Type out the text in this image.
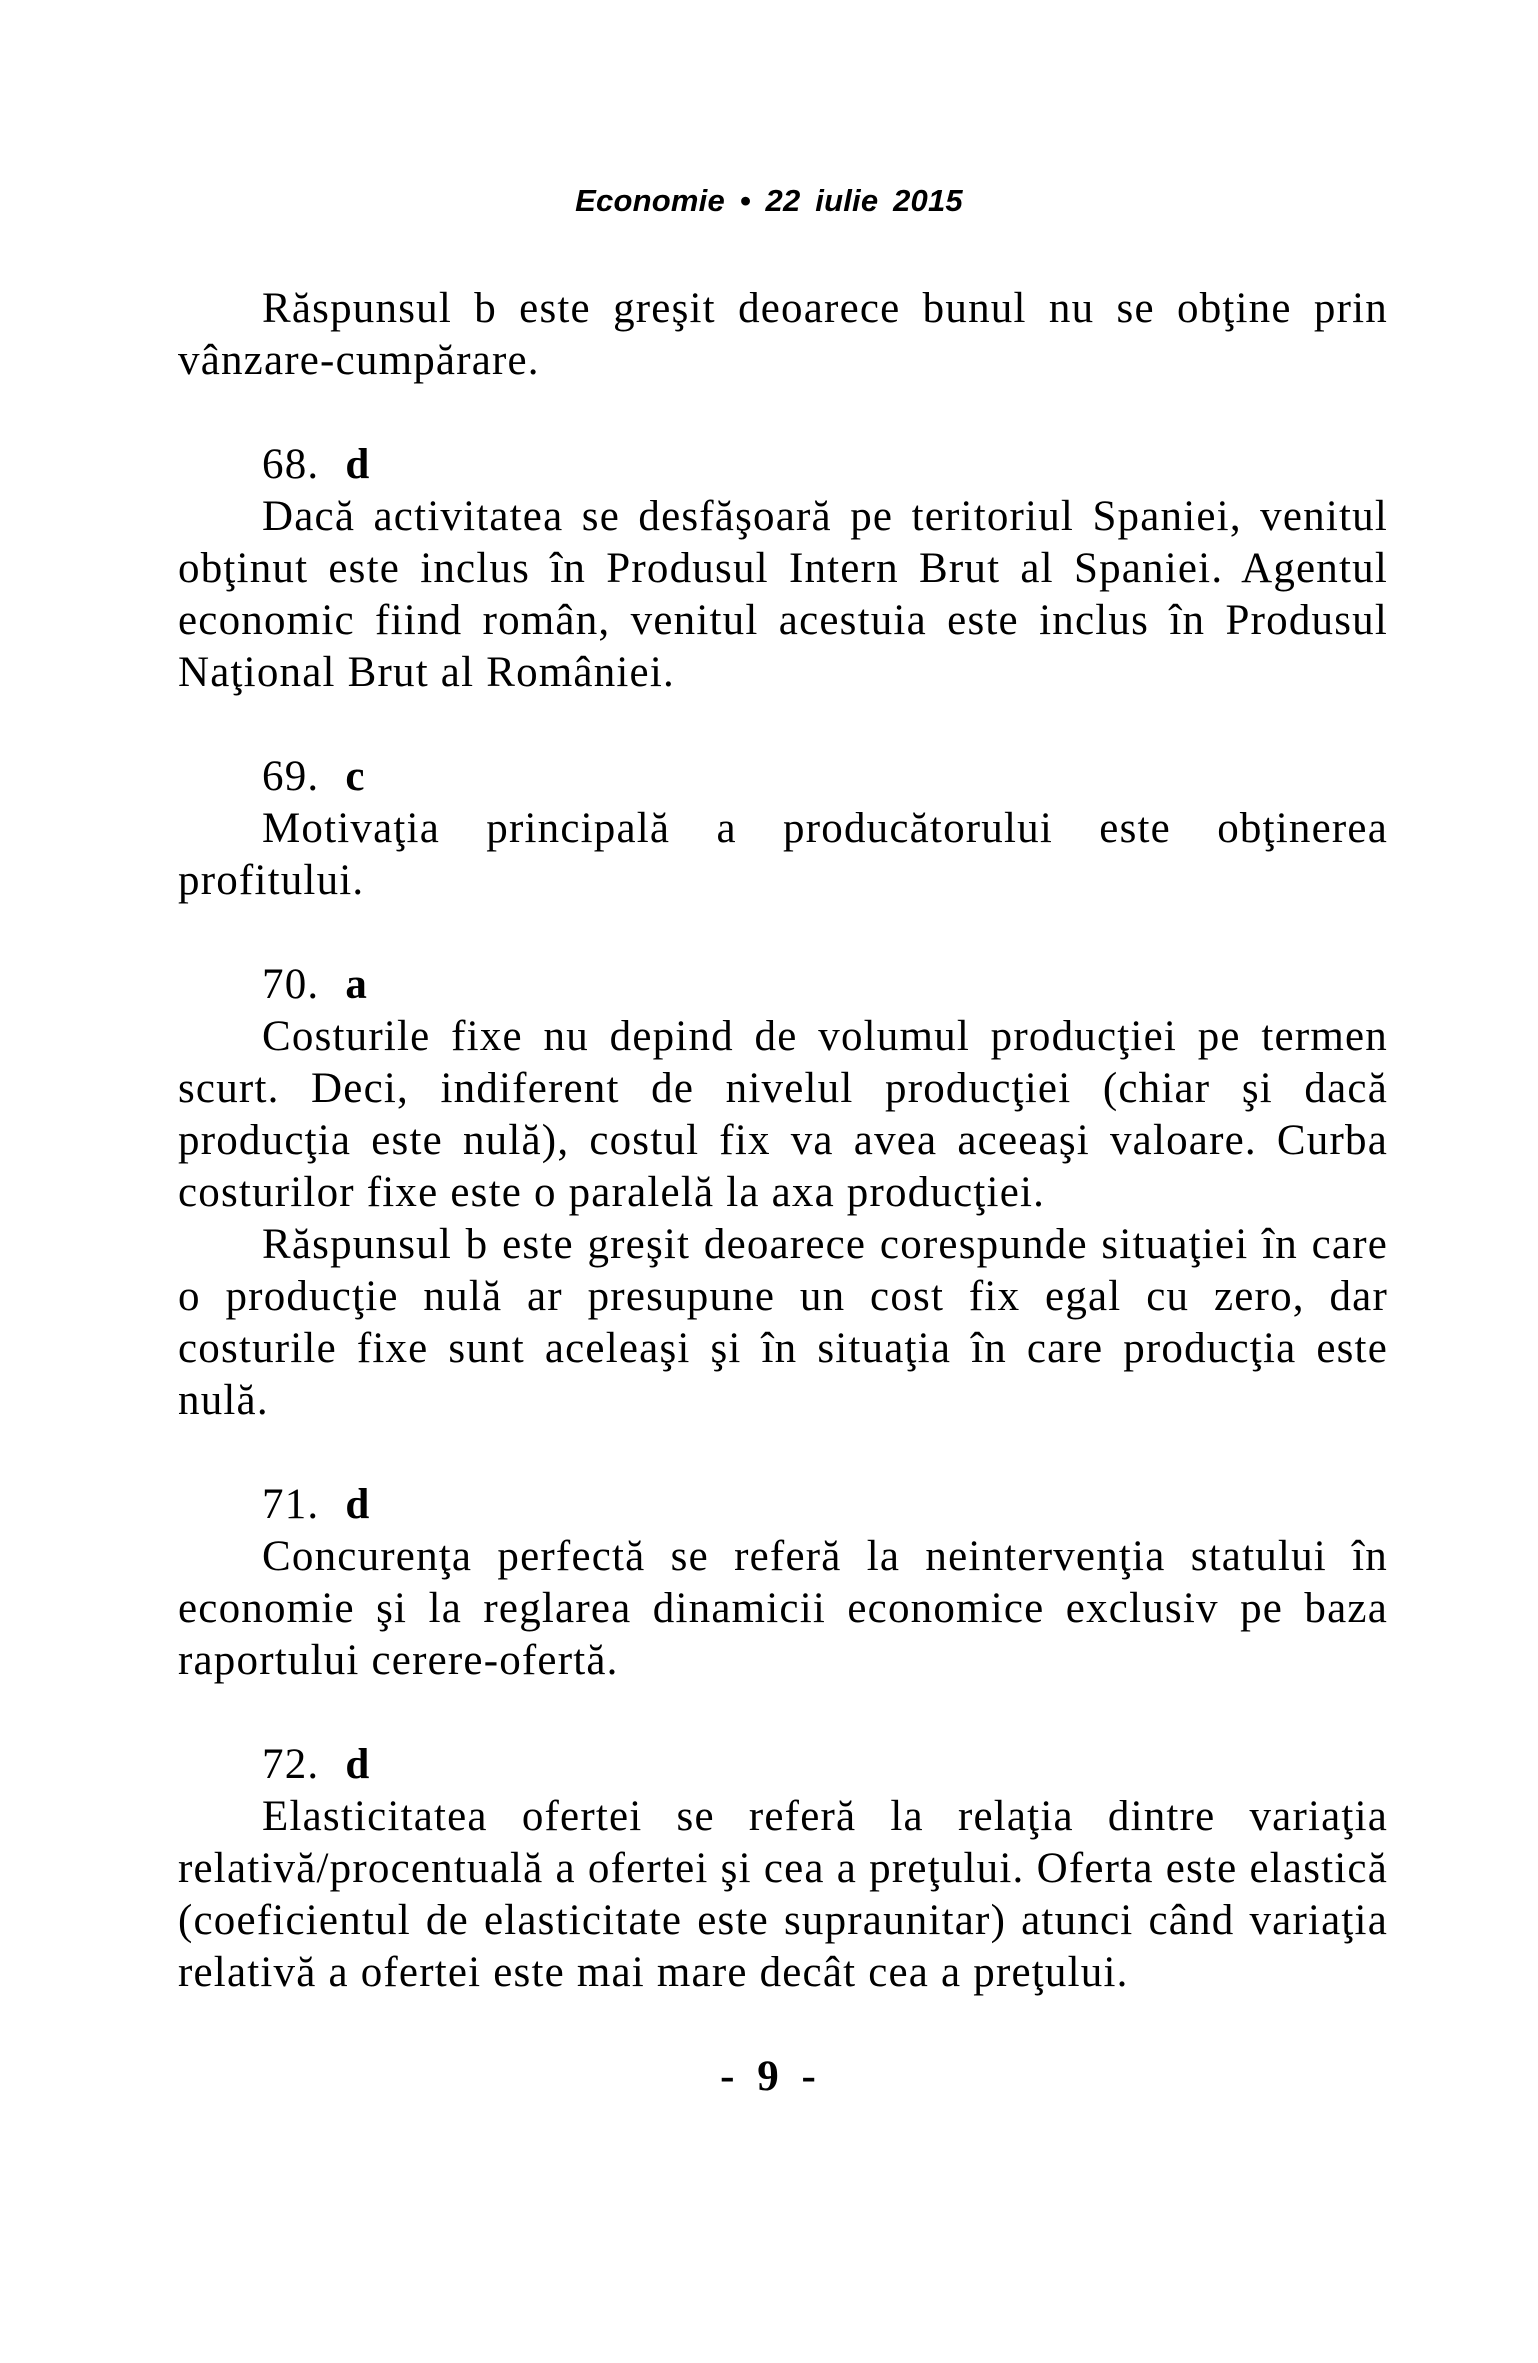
Economie • 22 iulie 2015

Răspunsul b este greşit deoarece bunul nu se obţine prin vânzare-cumpărare.

68. d

Dacă activitatea se desfăşoară pe teritoriul Spaniei, venitul obţinut este inclus în Produsul Intern Brut al Spaniei. Agentul economic fiind român, venitul acestuia este inclus în Produsul Naţional Brut al României.

69. c

Motivaţia principală a producătorului este obţinerea profitului.

70. a

Costurile fixe nu depind de volumul producţiei pe termen scurt. Deci, indiferent de nivelul producţiei (chiar şi dacă producţia este nulă), costul fix va avea aceeaşi valoare. Curba costurilor fixe este o paralelă la axa producţiei.

Răspunsul b este greşit deoarece corespunde situaţiei în care o producţie nulă ar presupune un cost fix egal cu zero, dar costurile fixe sunt aceleaşi şi în situaţia în care producţia este nulă.

71. d

Concurenţa perfectă se referă la neintervenţia statului în economie şi la reglarea dinamicii economice exclusiv pe baza raportului cerere-ofertă.

72. d

Elasticitatea ofertei se referă la relaţia dintre variaţia relativă/procentuală a ofertei şi cea a preţului. Oferta este elastică (coeficientul de elasticitate este supraunitar) atunci când variaţia relativă a ofertei este mai mare decât cea a preţului.

- 9 -
